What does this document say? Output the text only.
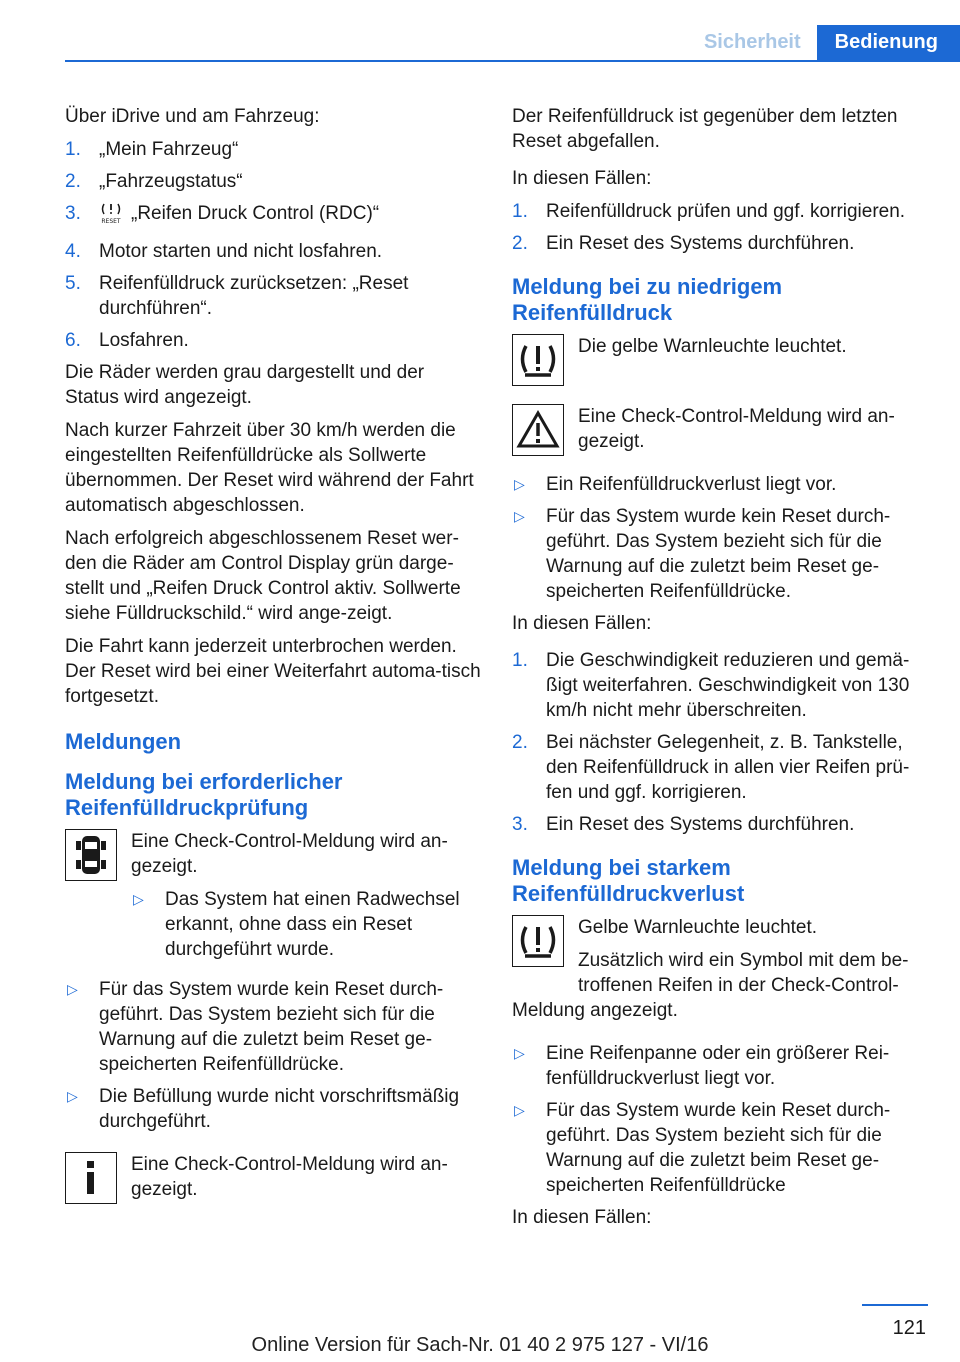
Sicherheit	Bedienung

Über iDrive und am Fahrzeug:

1. „Mein Fahrzeug“
2. „Fahrzeugstatus“
3.	RESET „Reifen Druck Control (RDC)“
4. Motor starten und nicht losfahren.
5. Reifenfülldruck zurücksetzen: „Reset durchführen“.
6. Losfahren.

Die Räder werden grau dargestellt und der Status wird angezeigt.

Nach kurzer Fahrzeit über 30 km/h werden die eingestellten Reifenfülldrücke als Sollwerte übernommen. Der Reset wird während der Fahrt automatisch abgeschlossen.

Nach erfolgreich abgeschlossenem Reset wer‐den die Räder am Control Display grün darge‐stellt und „Reifen Druck Control aktiv. Sollwerte siehe Fülldruckschild.“ wird ange‐zeigt.

Die Fahrt kann jederzeit unterbrochen werden. Der Reset wird bei einer Weiterfahrt automa‐tisch fortgesetzt.

Meldungen
Meldung bei erforderlicher Reifenfülldruckprüfung

Eine Check-Control-Meldung wird an‐gezeigt.

▷ Das System hat einen Radwechsel erkannt, ohne dass ein Reset durchgeführt wurde.
▷ Für das System wurde kein Reset durch‐geführt. Das System bezieht sich für die Warnung auf die zuletzt beim Reset ge‐speicherten Reifenfülldrücke.
▷ Die Befüllung wurde nicht vorschriftsmäßig durchgeführt.

Eine Check-Control-Meldung wird an‐gezeigt.

Der Reifenfülldruck ist gegenüber dem letzten Reset abgefallen.

In diesen Fällen:

1. Reifenfülldruck prüfen und ggf. korrigieren.
2. Ein Reset des Systems durchführen.
Meldung bei zu niedrigem Reifenfülldruck

Die gelbe Warnleuchte leuchtet.

Eine Check-Control-Meldung wird an‐gezeigt.

▷ Ein Reifenfülldruckverlust liegt vor.
▷ Für das System wurde kein Reset durch‐geführt. Das System bezieht sich für die Warnung auf die zuletzt beim Reset ge‐speicherten Reifenfülldrücke.

In diesen Fällen:

1. Die Geschwindigkeit reduzieren und gemä‐ßigt weiterfahren. Geschwindigkeit von 130 km/h nicht mehr überschreiten.
2. Bei nächster Gelegenheit, z. B. Tankstelle, den Reifenfülldruck in allen vier Reifen prü‐fen und ggf. korrigieren.
3. Ein Reset des Systems durchführen.
Meldung bei starkem Reifenfülldruckverlust

Gelbe Warnleuchte leuchtet.

Zusätzlich wird ein Symbol mit dem be‐troffenen Reifen in der Check-Control-

Meldung angezeigt.

▷ Eine Reifenpanne oder ein größerer Rei‐fenfülldruckverlust liegt vor.
▷ Für das System wurde kein Reset durch‐geführt. Das System bezieht sich für die Warnung auf die zuletzt beim Reset ge‐speicherten Reifenfülldrücke

In diesen Fällen:

121
Online Version für Sach-Nr. 01 40 2 975 127 - VI/16
